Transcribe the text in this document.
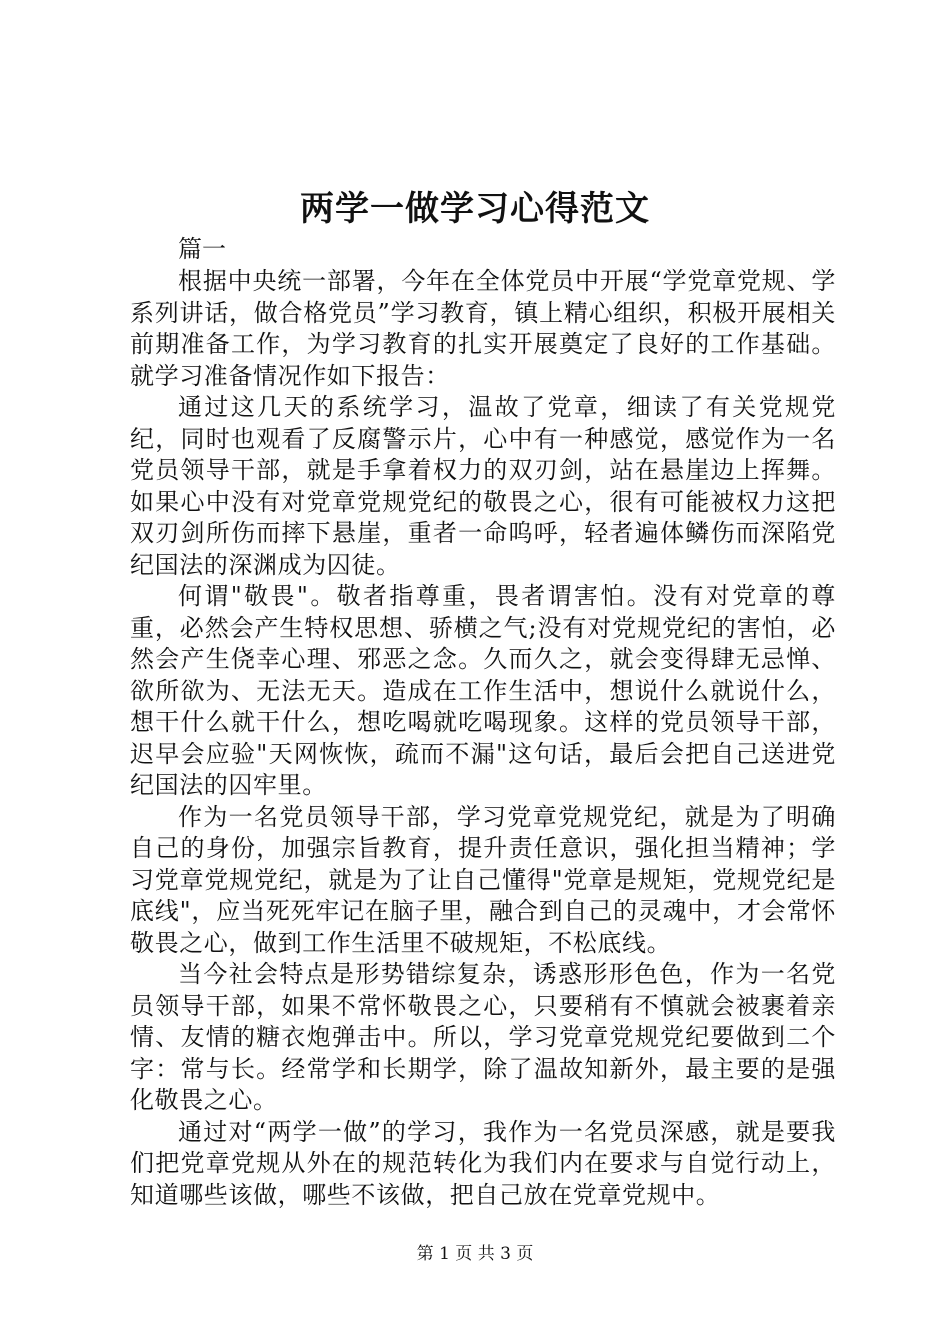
两学一做学习心得范文

篇一

根据中央统一部署，今年在全体党员中开展“学党章党规、学系列讲话，做合格党员”学习教育，镇上精心组织，积极开展相关前期准备工作，为学习教育的扎实开展奠定了良好的工作基础。就学习准备情况作如下报告：

通过这几天的系统学习，温故了党章，细读了有关党规党纪，同时也观看了反腐警示片，心中有一种感觉，感觉作为一名党员领导干部，就是手拿着权力的双刃剑，站在悬崖边上挥舞。如果心中没有对党章党规党纪的敬畏之心，很有可能被权力这把双刃剑所伤而摔下悬崖，重者一命呜呼，轻者遍体鳞伤而深陷党纪国法的深渊成为囚徒。

何谓"敬畏"。敬者指尊重，畏者谓害怕。没有对党章的尊重，必然会产生特权思想、骄横之气;没有对党规党纪的害怕，必然会产生侥幸心理、邪恶之念。久而久之，就会变得肆无忌惮、欲所欲为、无法无天。造成在工作生活中，想说什么就说什么，想干什么就干什么，想吃喝就吃喝现象。这样的党员领导干部，迟早会应验"天网恢恢，疏而不漏"这句话，最后会把自己送进党纪国法的囚牢里。

作为一名党员领导干部，学习党章党规党纪，就是为了明确自己的身份，加强宗旨教育，提升责任意识，强化担当精神；学习党章党规党纪，就是为了让自己懂得"党章是规矩，党规党纪是底线"，应当死死牢记在脑子里，融合到自己的灵魂中，才会常怀敬畏之心，做到工作生活里不破规矩，不松底线。

当今社会特点是形势错综复杂，诱惑形形色色，作为一名党员领导干部，如果不常怀敬畏之心，只要稍有不慎就会被裹着亲情、友情的糖衣炮弹击中。所以，学习党章党规党纪要做到二个字：常与长。经常学和长期学，除了温故知新外，最主要的是强化敬畏之心。

通过对“两学一做”的学习，我作为一名党员深感，就是要我们把党章党规从外在的规范转化为我们内在要求与自觉行动上，知道哪些该做，哪些不该做，把自己放在党章党规中。

第 1 页 共 3 页
